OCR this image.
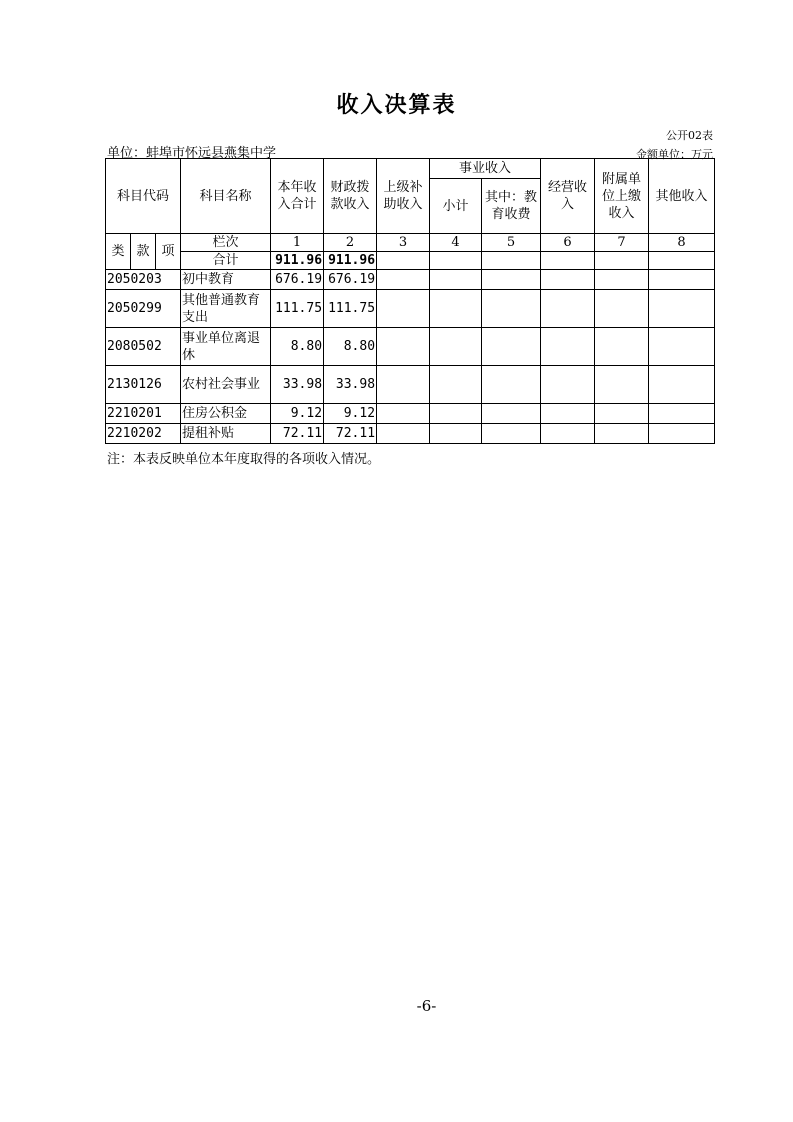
收入决算表
公开02表
单位：蚌埠市怀远县燕集中学	金额单位：万元
科目代码			科目名称	本年收入合计	财政拨款收入	上级补助收入	事业收入		经营收入	附属单位上缴收入	其他收入
							小计	其中：教育收费			
类	款	项	栏次	1	2	3	4	5	6	7	8
			合计	911.96	911.96						
2050203			初中教育	676.19	676.19						
2050299			其他普通教育支出	111.75	111.75						
2080502			事业单位离退休	8.80	8.80						
2130126			农村社会事业	33.98	33.98						
2210201			住房公积金	9.12	9.12						
2210202			提租补贴	72.11	72.11						
注：本表反映单位本年度取得的各项收入情况。
-6-
